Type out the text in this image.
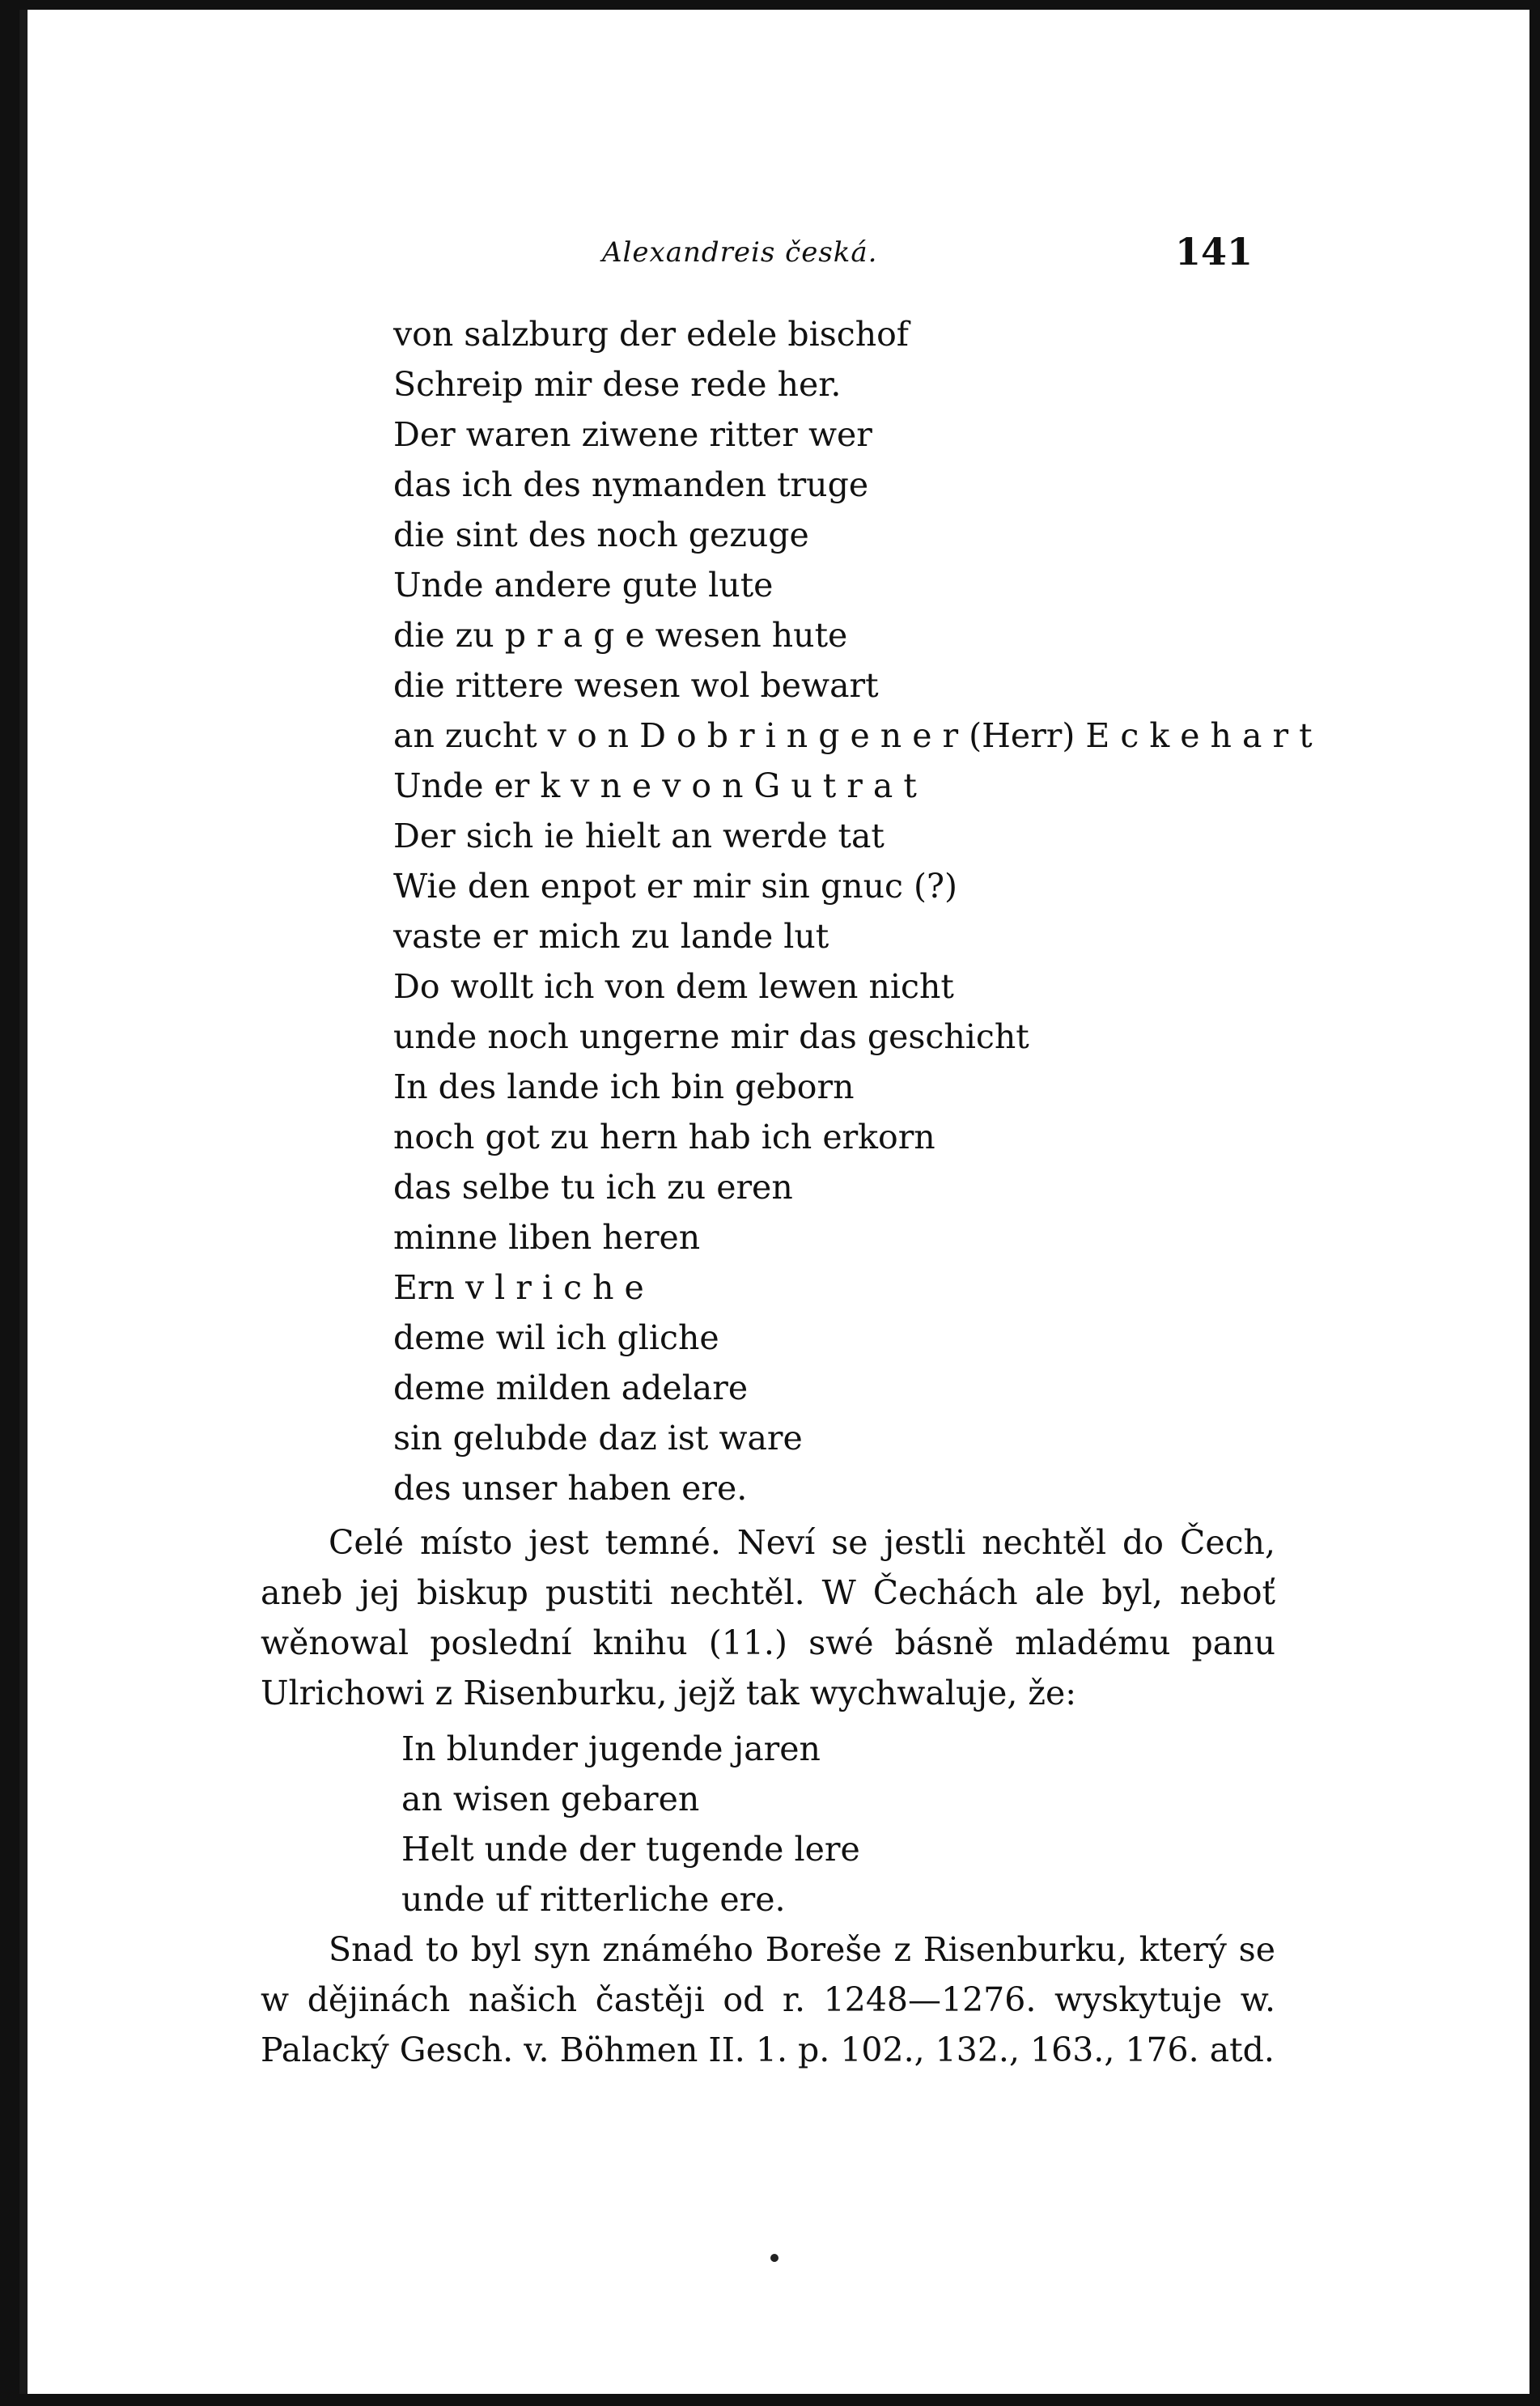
Alexandreis česká.	141
von salzburg der edele bischof
Schreip mir dese rede her.
Der waren ziwene ritter wer
das ich des nymanden truge
die sint des noch gezuge
Unde andere gute lute
die zu p r a g e wesen hute
die rittere wesen wol bewart
an zucht v o n D o b r i n g e n e r (Herr) E c k e h a r t
Unde er k v n e v o n G u t r a t
Der sich ie hielt an werde tat
Wie den enpot er mir sin gnuc (?)
vaste er mich zu lande lut
Do wollt ich von dem lewen nicht
unde noch ungerne mir das geschicht
In des lande ich bin geborn
noch got zu hern hab ich erkorn
das selbe tu ich zu eren
minne liben heren
Ern v l r i c h e
deme wil ich gliche
deme milden adelare
sin gelubde daz ist ware
des unser haben ere.

Celé místo jest temné. Neví se jestli nechtěl do Čech, aneb jej biskup pustiti nechtěl. W Čechách ale byl, neboť wěnowal poslední knihu (11.) swé básně mladému panu Ulrichowi z Risenburku, jejž tak wychwaluje, že:

In blunder jugende jaren
an wisen gebaren
Helt unde der tugende lere
unde uf ritterliche ere.

Snad to byl syn známého Boreše z Risenburku, který se w dějinách našich častěji od r. 1248—1276. wyskytuje w. Palacký Gesch. v. Böhmen II. 1. p. 102., 132., 163., 176. atd.
